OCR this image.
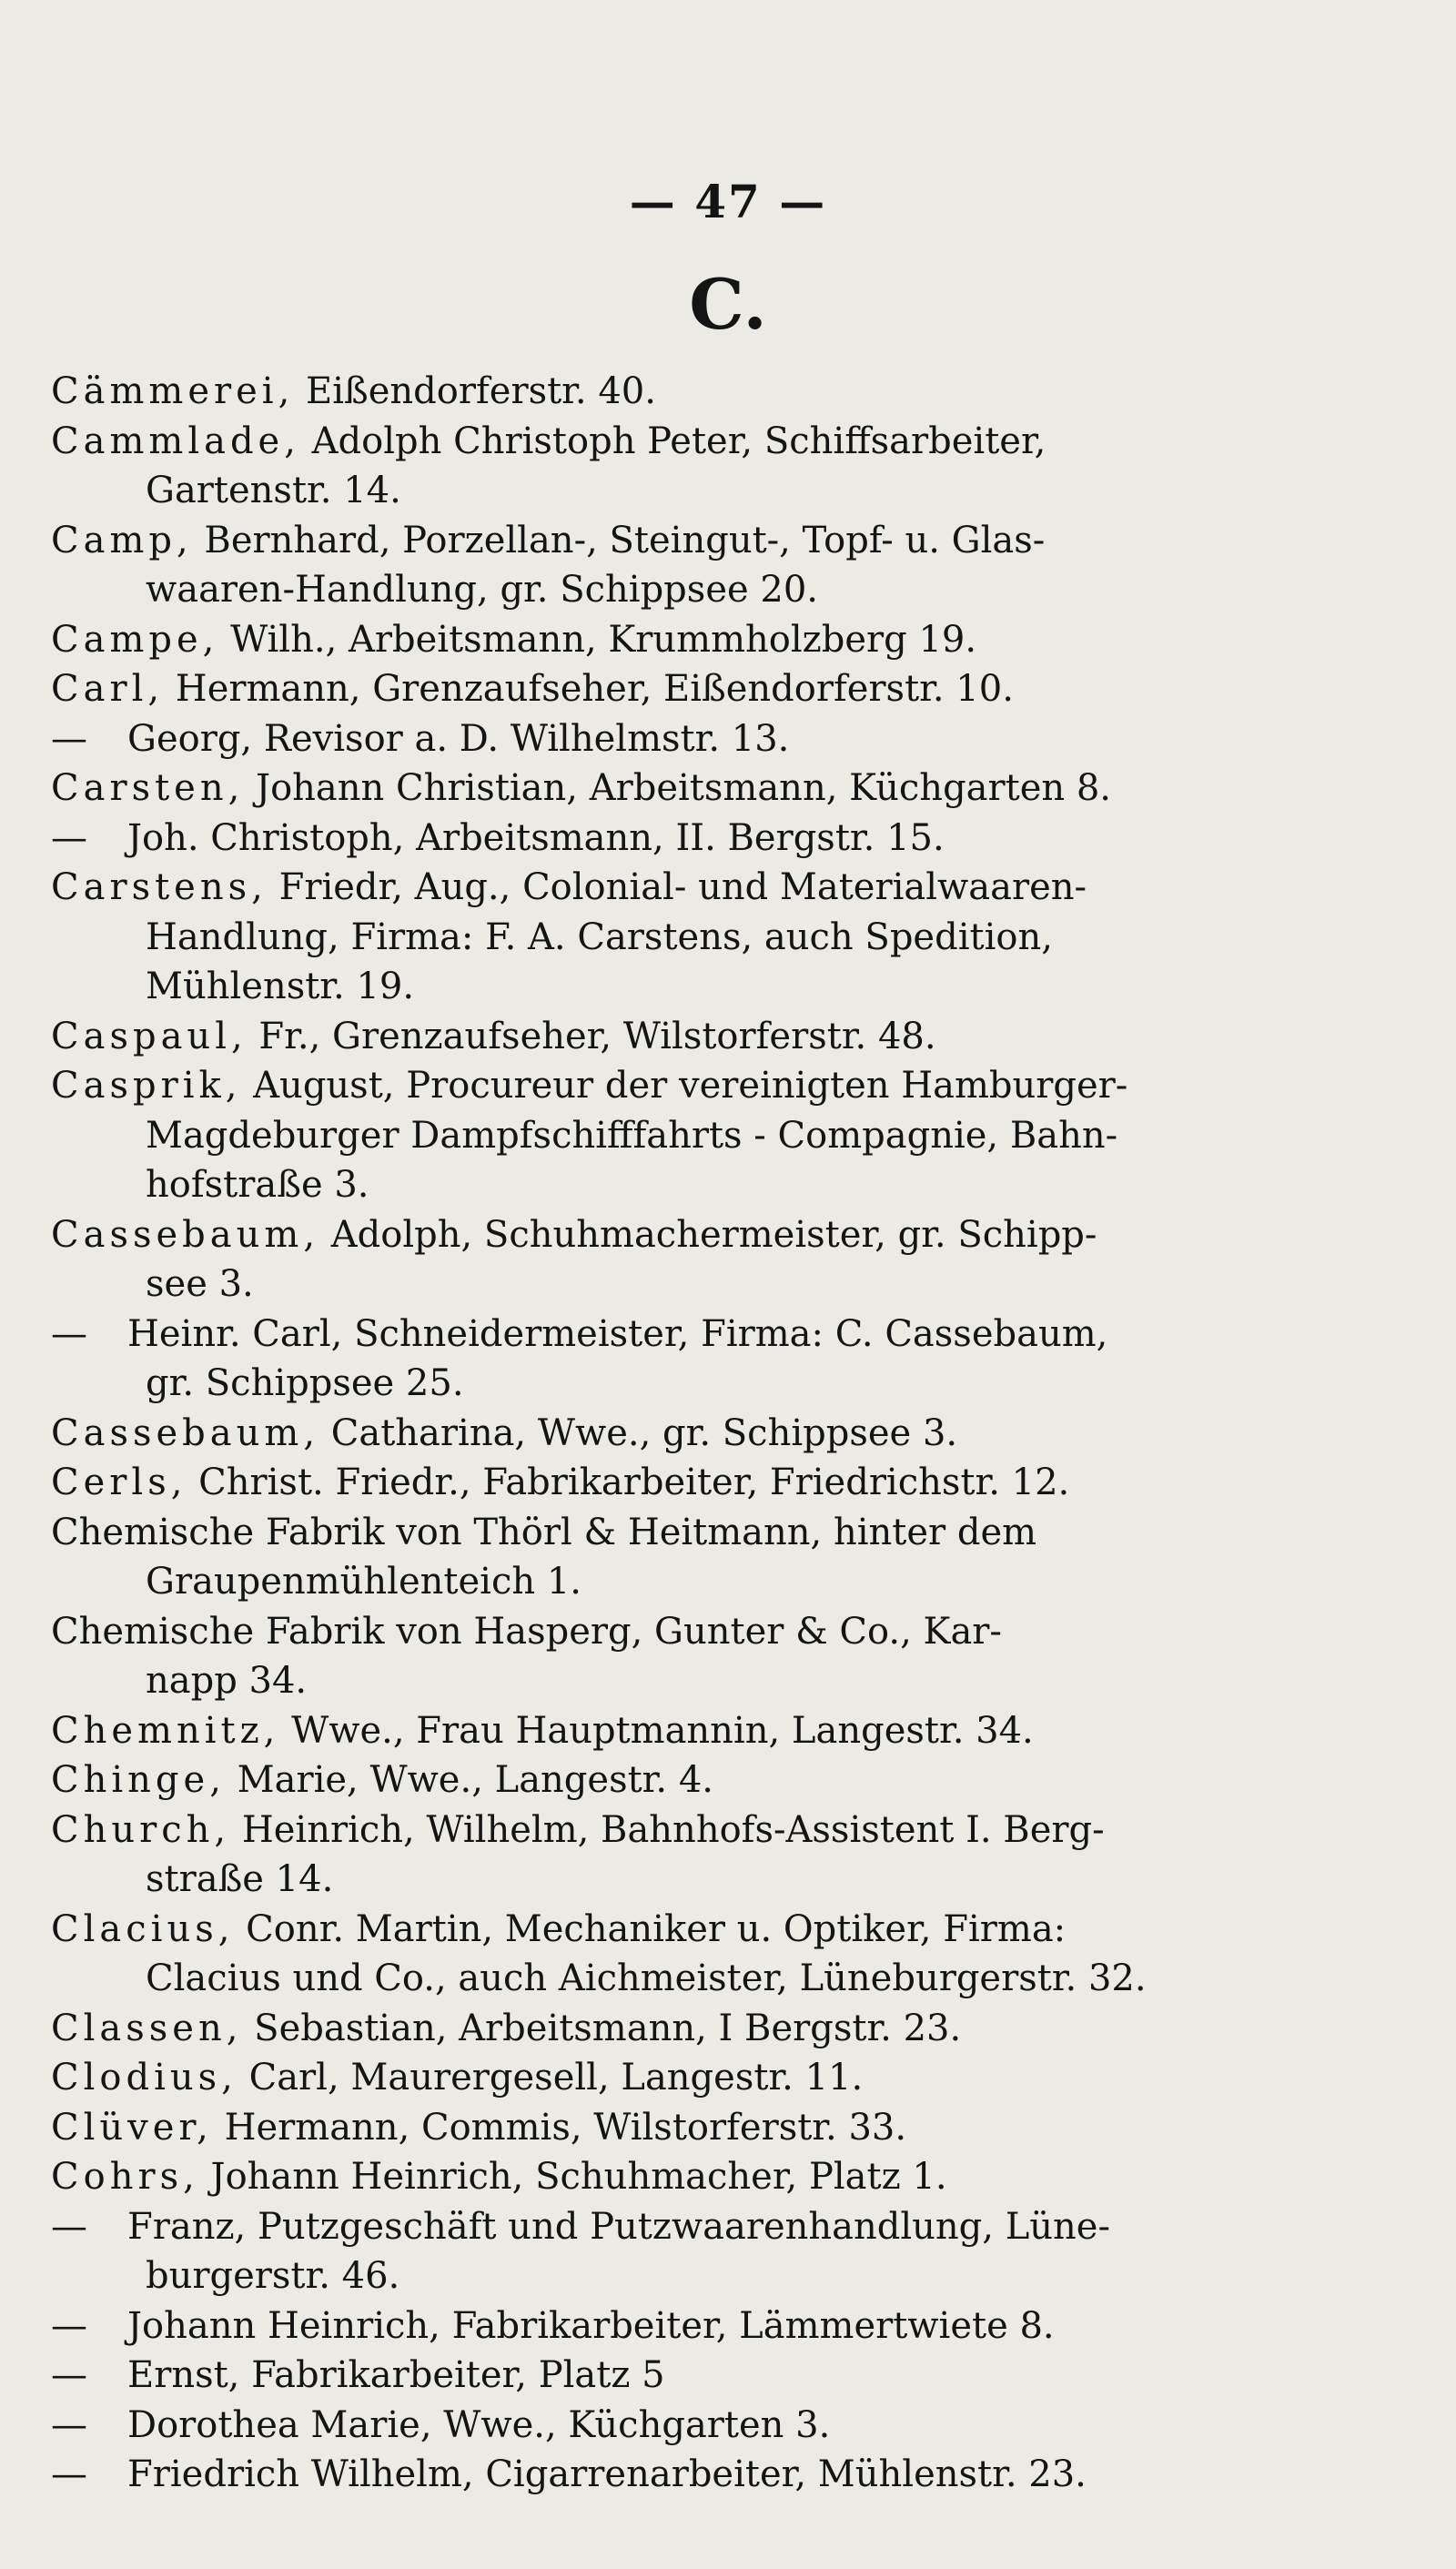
— 47 —
C.
Cämmerei, Eißendorferstr. 40.
Cammlade, Adolph Christoph Peter, Schiffsarbeiter,
Gartenstr. 14.
Camp, Bernhard, Porzellan-, Steingut-, Topf- u. Glas-
waaren-Handlung, gr. Schippsee 20.
Campe, Wilh., Arbeitsmann, Krummholzberg 19.
Carl, Hermann, Grenzaufseher, Eißendorferstr. 10.
— Georg, Revisor a. D. Wilhelmstr. 13.
Carsten, Johann Christian, Arbeitsmann, Küchgarten 8.
— Joh. Christoph, Arbeitsmann, II. Bergstr. 15.
Carstens, Friedr, Aug., Colonial- und Materialwaaren-
Handlung, Firma: F. A. Carstens, auch Spedition,
Mühlenstr. 19.
Caspaul, Fr., Grenzaufseher, Wilstorferstr. 48.
Casprik, August, Procureur der vereinigten Hamburger-
Magdeburger Dampfschifffahrts - Compagnie, Bahn-
hofstraße 3.
Cassebaum, Adolph, Schuhmachermeister, gr. Schipp-
see 3.
— Heinr. Carl, Schneidermeister, Firma: C. Cassebaum,
gr. Schippsee 25.
Cassebaum, Catharina, Wwe., gr. Schippsee 3.
Cerls, Christ. Friedr., Fabrikarbeiter, Friedrichstr. 12.
Chemische Fabrik von Thörl & Heitmann, hinter dem
Graupenmühlenteich 1.
Chemische Fabrik von Hasperg, Gunter & Co., Kar-
napp 34.
Chemnitz, Wwe., Frau Hauptmannin, Langestr. 34.
Chinge, Marie, Wwe., Langestr. 4.
Church, Heinrich, Wilhelm, Bahnhofs-Assistent I. Berg-
straße 14.
Clacius, Conr. Martin, Mechaniker u. Optiker, Firma:
Clacius und Co., auch Aichmeister, Lüneburgerstr. 32.
Classen, Sebastian, Arbeitsmann, I Bergstr. 23.
Clodius, Carl, Maurergesell, Langestr. 11.
Clüver, Hermann, Commis, Wilstorferstr. 33.
Cohrs, Johann Heinrich, Schuhmacher, Platz 1.
— Franz, Putzgeschäft und Putzwaarenhandlung, Lüne-
burgerstr. 46.
— Johann Heinrich, Fabrikarbeiter, Lämmertwiete 8.
— Ernst, Fabrikarbeiter, Platz 5
— Dorothea Marie, Wwe., Küchgarten 3.
— Friedrich Wilhelm, Cigarrenarbeiter, Mühlenstr. 23.
